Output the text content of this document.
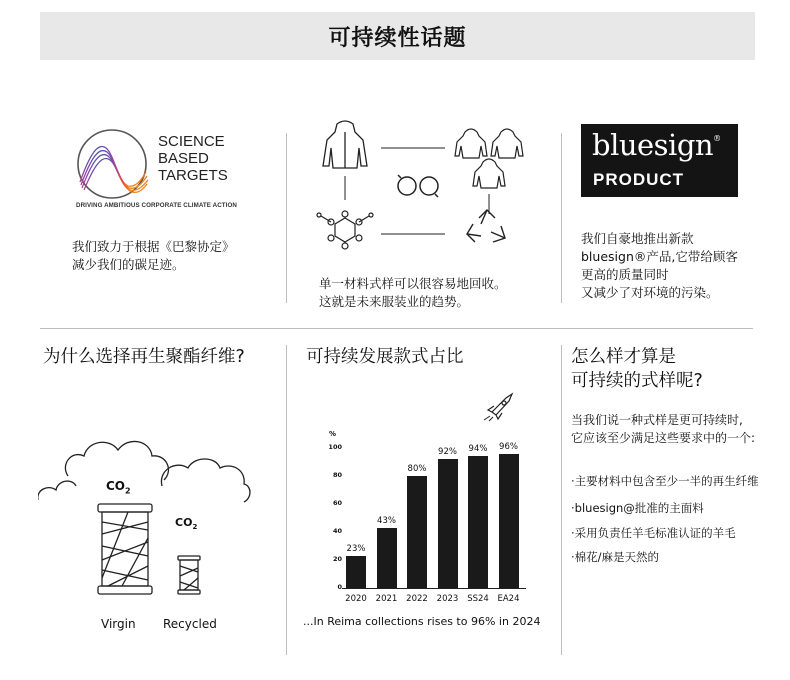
可持续性话题
SCIENCE
BASED
TARGETS
DRIVING AMBITIOUS CORPORATE CLIMATE ACTION
我们致力于根据《巴黎协定》
减少我们的碳足迹。
单一材料式样可以很容易地回收。
这就是未来服装业的趋势。
bluesign®
PRODUCT
我们自豪地推出新款
bluesign®产品,它带给顾客
更高的质量同时
又减少了对环境的污染。
为什么选择再生聚酯纤维?
$CO_2$
$CO_2$
Virgin Recycled
可持续发展款式占比
%
0
20
40
60
80
100
23%
2020
43%
2021
80%
2022
92%
2023
94%
SS24
96%
EA24
...In Reima collections rises to 96% in 2024
怎么样才算是
可持续的式样呢?
当我们说一种式样是更可持续时,
它应该至少满足这些要求中的一个:
·主要材料中包含至少一半的再生纤维
·bluesign@批准的主面料
·采用负责任羊毛标准认证的羊毛
·棉花/麻是天然的
